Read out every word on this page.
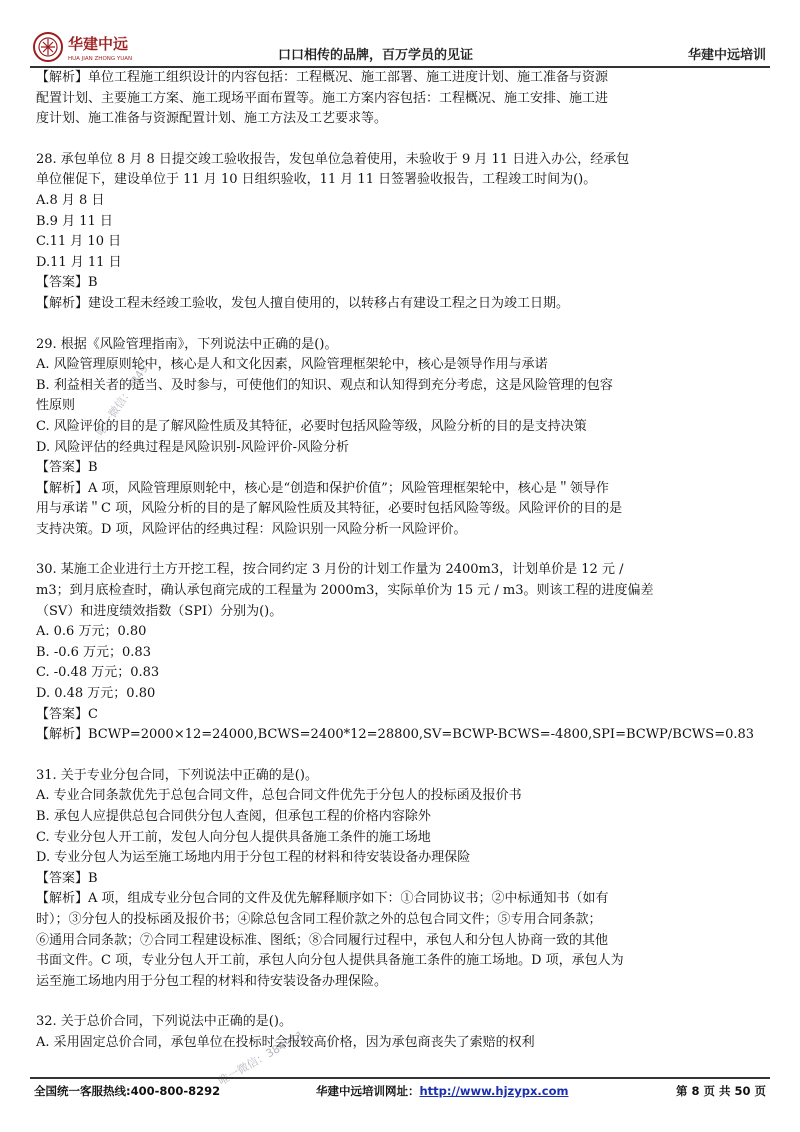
华建中远
HUA JIAN ZHONG YUAN	口口相传的品牌，百万学员的见证	华建中远培训

【解析】单位工程施工组织设计的内容包括：工程概况、施工部署、施工进度计划、施工准备与资源

配置计划、主要施工方案、施工现场平面布置等。施工方案内容包括：工程概况、施工安排、施工进

度计划、施工准备与资源配置计划、施工方法及工艺要求等。

28. 承包单位 8 月 8 日提交竣工验收报告，发包单位急着使用，未验收于 9 月 11 日进入办公，经承包

单位催促下，建设单位于 11 月 10 日组织验收，11 月 11 日签署验收报告，工程竣工时间为()。

A.8 月 8 日

B.9 月 11 日

C.11 月 10 日

D.11 月 11 日

【答案】B

【解析】建设工程未经竣工验收，发包人擅自使用的，以转移占有建设工程之日为竣工日期。

29. 根据《风险管理指南》，下列说法中正确的是()。

A. 风险管理原则轮中，核心是人和文化因素，风险管理框架轮中，核心是领导作用与承诺

B. 利益相关者的适当、及时参与，可使他们的知识、观点和认知得到充分考虑，这是风险管理的包容

性原则

C. 风险评价的目的是了解风险性质及其特征，必要时包括风险等级，风险分析的目的是支持决策

D. 风险评估的经典过程是风险识别-风险评价-风险分析

【答案】B

【解析】A 项，风险管理原则轮中，核心是“创造和保护价值”；风险管理框架轮中，核心是＂领导作

用与承诺＂C 项，风险分析的目的是了解风险性质及其特征，必要时包括风险等级。风险评价的目的是

支持决策。D 项，风险评估的经典过程：风险识别一风险分析一风险评价。

30. 某施工企业进行土方开挖工程，按合同约定 3 月份的计划工作量为 2400m3，计划单价是 12 元 /

m3；到月底检查时，确认承包商完成的工程量为 2000m3，实际单价为 15 元 / m3。则该工程的进度偏差

（SV）和进度绩效指数（SPI）分别为()。

A. 0.6 万元；0.80

B. -0.6 万元；0.83

C. -0.48 万元；0.83

D. 0.48 万元；0.80

【答案】C

【解析】BCWP=2000×12=24000,BCWS=2400*12=28800,SV=BCWP-BCWS=-4800,SPI=BCWP/BCWS=0.83

31. 关于专业分包合同，下列说法中正确的是()。

A. 专业合同条款优先于总包合同文件，总包合同文件优先于分包人的投标函及报价书

B. 承包人应提供总包合同供分包人查阅，但承包工程的价格内容除外

C. 专业分包人开工前，发包人向分包人提供具备施工条件的施工场地

D. 专业分包人为运至施工场地内用于分包工程的材料和待安装设备办理保险

【答案】B

【解析】A 项，组成专业分包合同的文件及优先解释顺序如下：①合同协议书；②中标通知书（如有

时）；③分包人的投标函及报价书；④除总包含同工程价款之外的总包合同文件；⑤专用合同条款；

⑥通用合同条款；⑦合同工程建设标准、图纸；⑧合同履行过程中，承包人和分包人协商一致的其他

书面文件。C 项，专业分包人开工前，承包人向分包人提供具备施工条件的施工场地。D 项，承包人为

运至施工场地内用于分包工程的材料和待安装设备办理保险。

32. 关于总价合同，下列说法中正确的是()。

A. 采用固定总价合同，承包单位在投标时会报较高价格，因为承包商丧失了索赔的权利

唯一微信：38491
唯一微信：384911
全国统一客服热线:400-800-8292	华建中远培训网址：http://www.hjzypx.com	第 8 页 共 50 页
